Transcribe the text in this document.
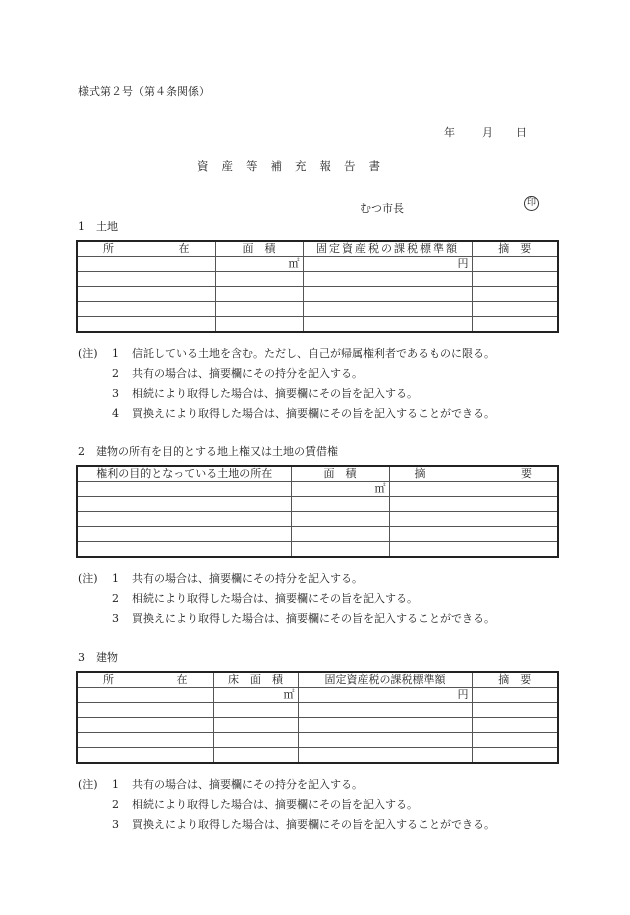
様式第２号（第４条関係）
年 月 日
資産等補充報告書
むつ市長	印
1　土地
所 在	面　積	固定資産税の課税標準額	摘　要
	㎡	円	

(注)	1	信託している土地を含む。ただし、自己が帰属権利者であるものに限る。
2	共有の場合は、摘要欄にその持分を記入する。
3	相続により取得した場合は、摘要欄にその旨を記入する。
4	買換えにより取得した場合は、摘要欄にその旨を記入することができる。
2　建物の所有を目的とする地上権又は土地の賃借権
権利の目的となっている土地の所在	面　積	摘 要

	㎡	

(注)	1	共有の場合は、摘要欄にその持分を記入する。
2	相続により取得した場合は、摘要欄にその旨を記入する。
3	買換えにより取得した場合は、摘要欄にその旨を記入することができる。
3　建物
所 在	床　面　積	固定資産税の課税標準額	摘　要
	㎡	円	

(注)	1	共有の場合は、摘要欄にその持分を記入する。
2	相続により取得した場合は、摘要欄にその旨を記入する。
3	買換えにより取得した場合は、摘要欄にその旨を記入することができる。
